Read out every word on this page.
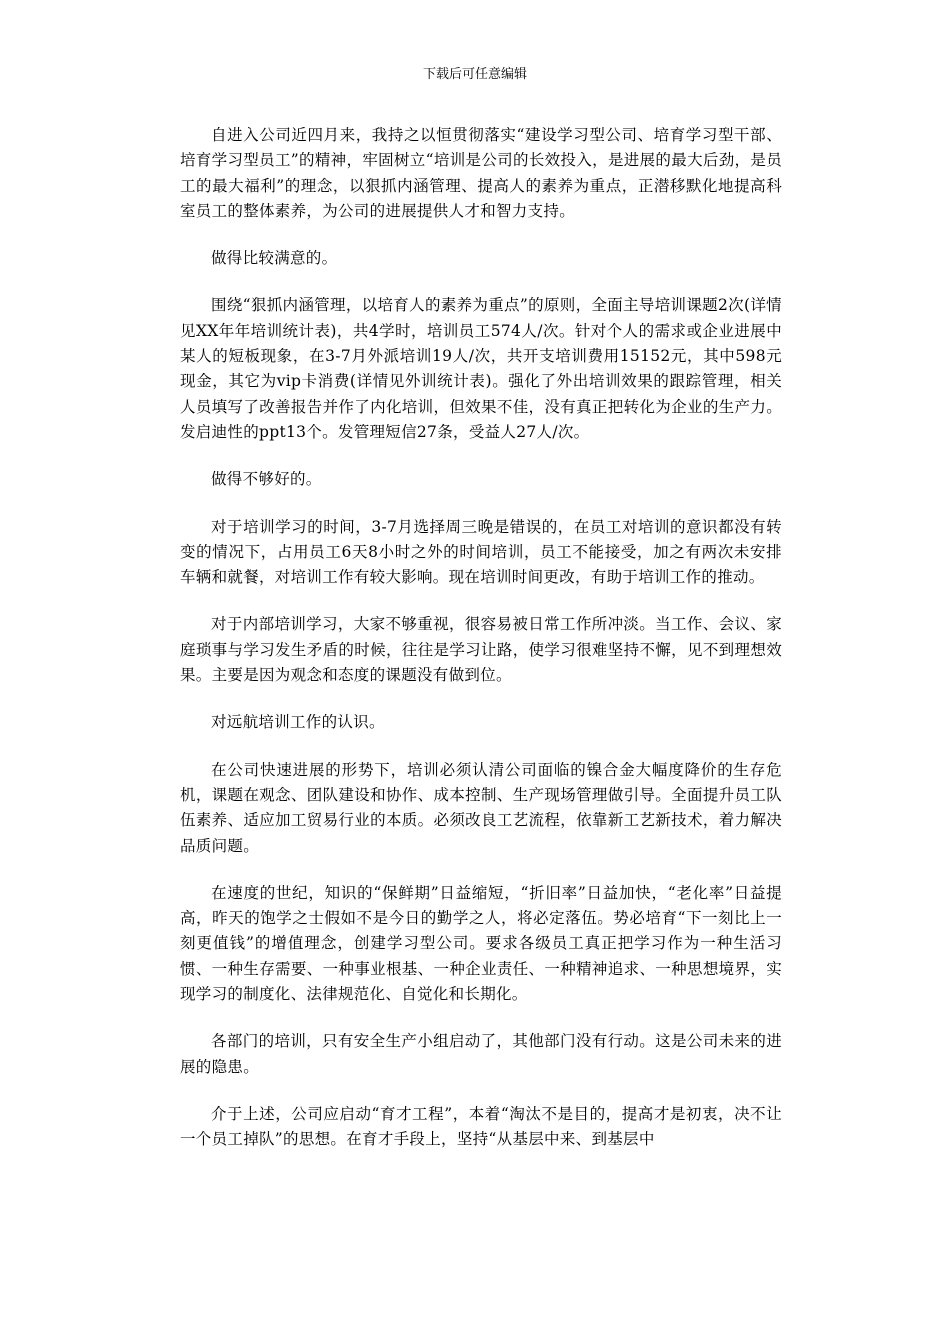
下载后可任意编辑

自进入公司近四月来，我持之以恒贯彻落实“建设学习型公司、培育学习型干部、培育学习型员工”的精神，牢固树立“培训是公司的长效投入，是进展的最大后劲，是员工的最大福利”的理念，以狠抓内涵管理、提高人的素养为重点，正潜移默化地提高科室员工的整体素养，为公司的进展提供人才和智力支持。

做得比较满意的。

围绕“狠抓内涵管理，以培育人的素养为重点”的原则，全面主导培训课题2次(详情见XX年年培训统计表)，共4学时，培训员工574人/次。针对个人的需求或企业进展中某人的短板现象，在3-7月外派培训19人/次，共开支培训费用15152元，其中598元现金，其它为vip卡消费(详情见外训统计表)。强化了外出培训效果的跟踪管理，相关人员填写了改善报告并作了内化培训，但效果不佳，没有真正把转化为企业的生产力。发启迪性的ppt13个。发管理短信27条，受益人27人/次。

做得不够好的。

对于培训学习的时间，3-7月选择周三晚是错误的，在员工对培训的意识都没有转变的情况下，占用员工6天8小时之外的时间培训，员工不能接受，加之有两次未安排车辆和就餐，对培训工作有较大影响。现在培训时间更改，有助于培训工作的推动。

对于内部培训学习，大家不够重视，很容易被日常工作所冲淡。当工作、会议、家庭琐事与学习发生矛盾的时候，往往是学习让路，使学习很难坚持不懈，见不到理想效果。主要是因为观念和态度的课题没有做到位。

对远航培训工作的认识。

在公司快速进展的形势下，培训必须认清公司面临的镍合金大幅度降价的生存危机，课题在观念、团队建设和协作、成本控制、生产现场管理做引导。全面提升员工队伍素养、适应加工贸易行业的本质。必须改良工艺流程，依靠新工艺新技术，着力解决品质问题。

在速度的世纪，知识的“保鲜期”日益缩短，“折旧率”日益加快，“老化率”日益提高，昨天的饱学之士假如不是今日的勤学之人，将必定落伍。势必培育“下一刻比上一刻更值钱”的增值理念，创建学习型公司。要求各级员工真正把学习作为一种生活习惯、一种生存需要、一种事业根基、一种企业责任、一种精神追求、一种思想境界，实现学习的制度化、法律规范化、自觉化和长期化。

各部门的培训，只有安全生产小组启动了，其他部门没有行动。这是公司未来的进展的隐患。

介于上述，公司应启动“育才工程”，本着“淘汰不是目的，提高才是初衷，决不让一个员工掉队”的思想。在育才手段上，坚持“从基层中来、到基层中
